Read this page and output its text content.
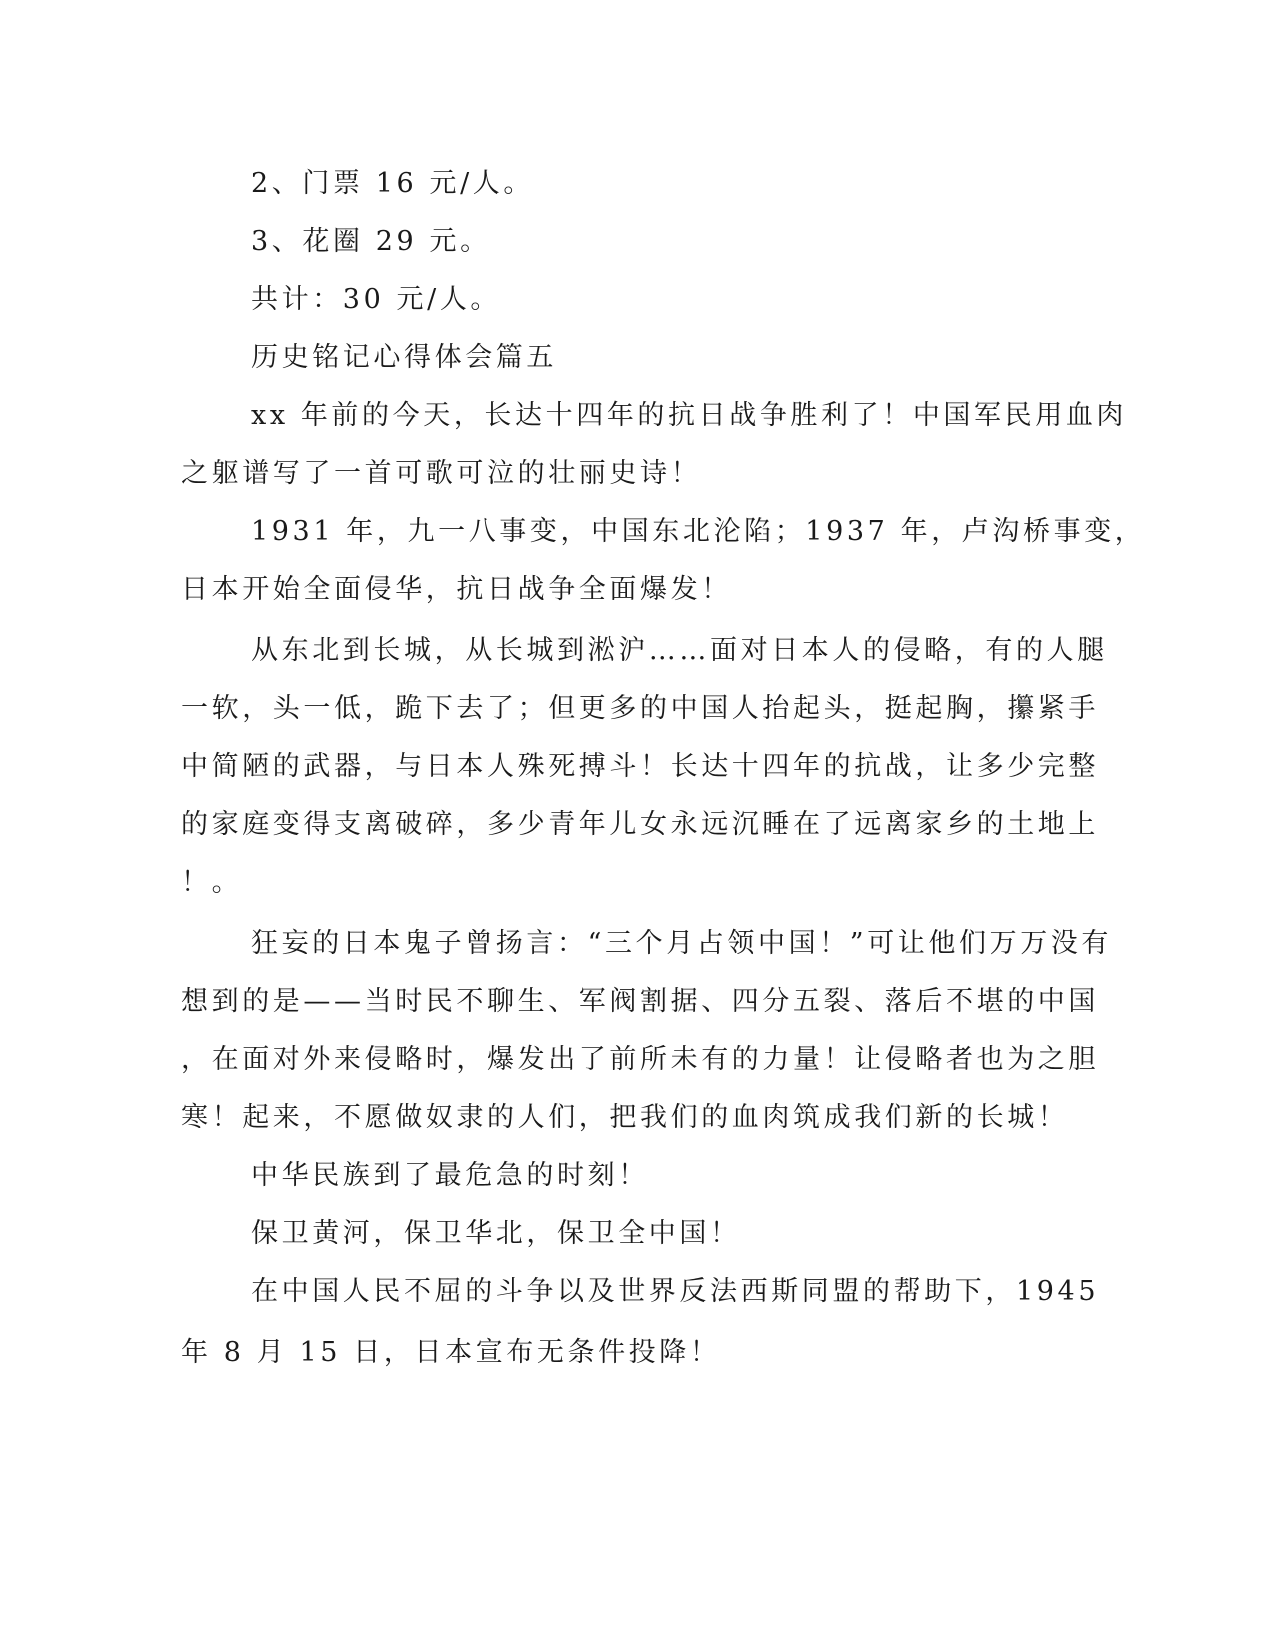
2、门票 16 元/人。

3、花圈 29 元。

共计：30 元/人。

历史铭记心得体会篇五

xx 年前的今天，长达十四年的抗日战争胜利了！中国军民用血肉

之躯谱写了一首可歌可泣的壮丽史诗！

1931 年，九一八事变，中国东北沦陷；1937 年，卢沟桥事变，

日本开始全面侵华，抗日战争全面爆发！

从东北到长城，从长城到淞沪……面对日本人的侵略，有的人腿

一软，头一低，跪下去了；但更多的中国人抬起头，挺起胸，攥紧手

中简陋的武器，与日本人殊死搏斗！长达十四年的抗战，让多少完整

的家庭变得支离破碎，多少青年儿女永远沉睡在了远离家乡的土地上

！。

狂妄的日本鬼子曾扬言：“三个月占领中国！”可让他们万万没有

想到的是——当时民不聊生、军阀割据、四分五裂、落后不堪的中国

，在面对外来侵略时，爆发出了前所未有的力量！让侵略者也为之胆

寒！起来，不愿做奴隶的人们，把我们的血肉筑成我们新的长城！

中华民族到了最危急的时刻！

保卫黄河，保卫华北，保卫全中国！

在中国人民不屈的斗争以及世界反法西斯同盟的帮助下，1945

年 8 月 15 日，日本宣布无条件投降！
